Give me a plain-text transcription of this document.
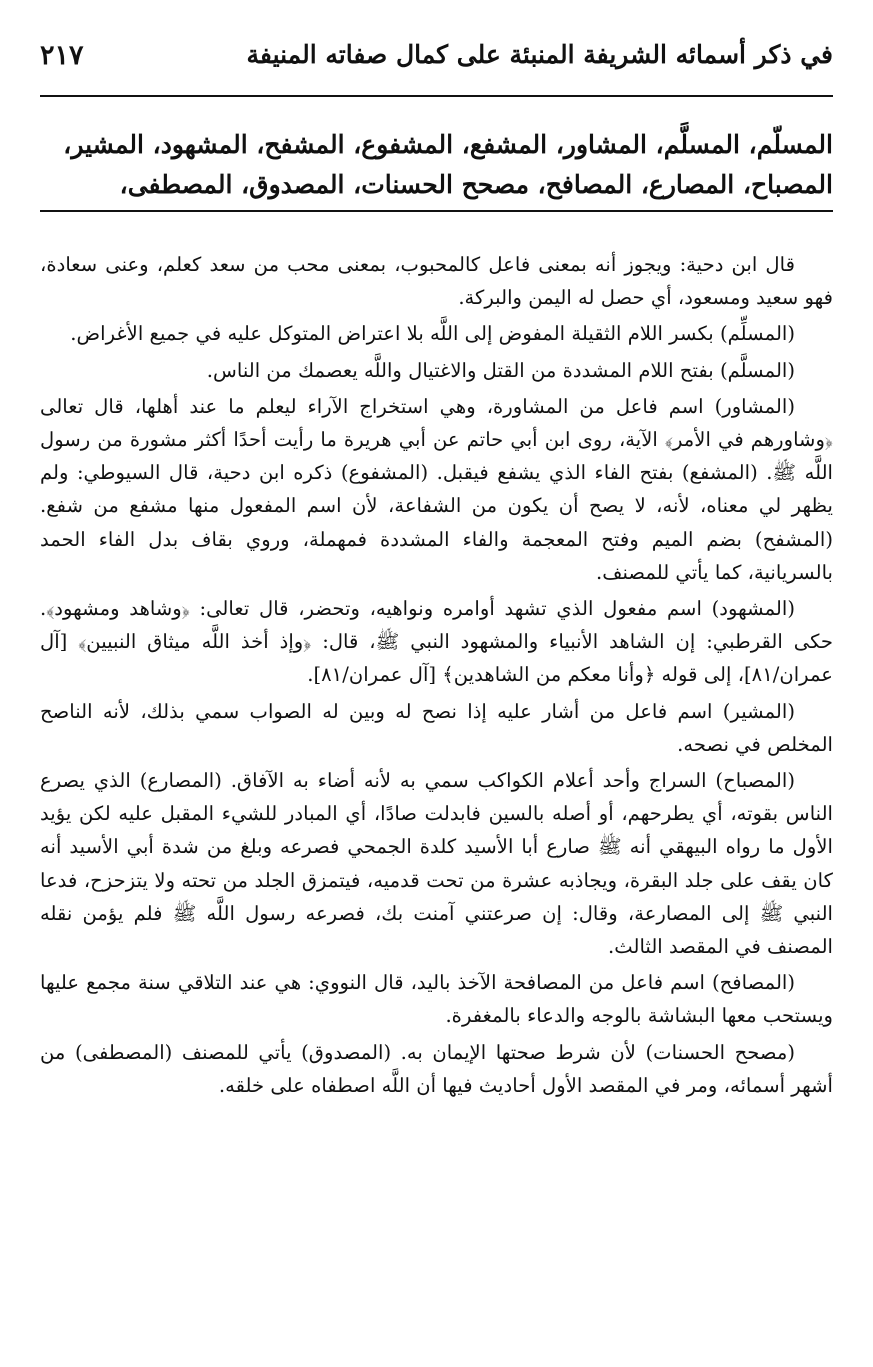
في ذكر أسمائه الشريفة المنبئة على كمال صفاته المنيفة
٢١٧

المسلّم، المسلَّم، المشاور، المشفع، المشفوع، المشفح، المشهود، المشير،

المصباح، المصارع، المصافح، مصحح الحسنات، المصدوق، المصطفى،

قال ابن دحية: ويجوز أنه بمعنى فاعل كالمحبوب، بمعنى محب من سعد كعلم، وعنى سعادة، فهو سعيد ومسعود، أي حصل له اليمن والبركة.

(المسلِّم) بكسر اللام الثقيلة المفوض إلى اللَّه بلا اعتراض المتوكل عليه في جميع الأغراض.

(المسلَّم) بفتح اللام المشددة من القتل والاغتيال واللَّه يعصمك من الناس.

(المشاور) اسم فاعل من المشاورة، وهي استخراج الآراء ليعلم ما عند أهلها، قال تعالى ﴿وشاورهم في الأمر﴾ الآية، روى ابن أبي حاتم عن أبي هريرة ما رأيت أحدًا أكثر مشورة من رسول اللَّه ﷺ. (المشفع) بفتح الفاء الذي يشفع فيقبل. (المشفوع) ذكره ابن دحية، قال السيوطي: ولم يظهر لي معناه، لأنه، لا يصح أن يكون من الشفاعة، لأن اسم المفعول منها مشفع من شفع. (المشفح) بضم الميم وفتح المعجمة والفاء المشددة فمهملة، وروي بقاف بدل الفاء الحمد بالسريانية، كما يأتي للمصنف.

(المشهود) اسم مفعول الذي تشهد أوامره ونواهيه، وتحضر، قال تعالى: ﴿وشاهد ومشهود﴾. حكى القرطبي: إن الشاهد الأنبياء والمشهود النبي ﷺ، قال: ﴿وإذ أخذ اللَّه ميثاق النبيين﴾ [آل عمران/٨١]، إلى قوله ﴿وأنا معكم من الشاهدين﴾ [آل عمران/٨١].

(المشير) اسم فاعل من أشار عليه إذا نصح له وبين له الصواب سمي بذلك، لأنه الناصح المخلص في نصحه.

(المصباح) السراج وأحد أعلام الكواكب سمي به لأنه أضاء به الآفاق. (المصارع) الذي يصرع الناس بقوته، أي يطرحهم، أو أصله بالسين فابدلت صادًا، أي المبادر للشيء المقبل عليه لكن يؤيد الأول ما رواه البيهقي أنه ﷺ صارع أبا الأسيد كلدة الجمحي فصرعه وبلغ من شدة أبي الأسيد أنه كان يقف على جلد البقرة، ويجاذبه عشرة من تحت قدميه، فيتمزق الجلد من تحته ولا يتزحزح، فدعا النبي ﷺ إلى المصارعة، وقال: إن صرعتني آمنت بك، فصرعه رسول اللَّه ﷺ فلم يؤمن نقله المصنف في المقصد الثالث.

(المصافح) اسم فاعل من المصافحة الآخذ باليد، قال النووي: هي عند التلاقي سنة مجمع عليها ويستحب معها البشاشة بالوجه والدعاء بالمغفرة.

(مصحح الحسنات) لأن شرط صحتها الإيمان به. (المصدوق) يأتي للمصنف (المصطفى) من أشهر أسمائه، ومر في المقصد الأول أحاديث فيها أن اللَّه اصطفاه على خلقه.
